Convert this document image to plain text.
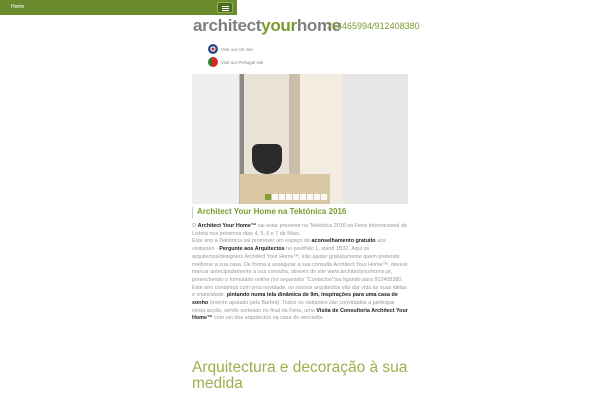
Home
architectyourhome
214465994/912408380
Visit our UK site
Visit our Portugal site
Architect Your Home na Tektónica 2016
O Architect Your Home™ vai estar presente na Tektónica 2016 na Feira Internacional de Lisboa nos próximos dias 4, 5, 6 e 7 de Maio.
Este ano a Tektónica vai promover um espaço de aconselhamento gratuito aos visitantes - Pergunte aos Arquitectos no pavilhão 1, stand 1B32. Aqui os arquitectos/designers Architect Your Home™, irão ajudar gratuitamente quem pretende melhorar a sua casa. De forma a assegurar a sua consulta Architect Your Home™, deverá marcar antecipadamente a sua consulta, através do site www.architectyourhome.pt, preenchendo o formulário online (no separador "Contactos")ou ligando para 912408380.
Este ano contamos com uma novidade, os nossos arquitectos vão dar vida às suas ideias e criatividade, pintando numa tela dinâmica de 9m, inspirações para uma casa de sonho (evento apoiado pela Barbot). Todos os visitantes são convidados a participar nesta acção, sendo sorteado no final da Feira, uma Visita de Consultoria Architect Your Home™ com um dos arquitectos na casa do vencedor.
Arquitectura e decoração à sua medida
